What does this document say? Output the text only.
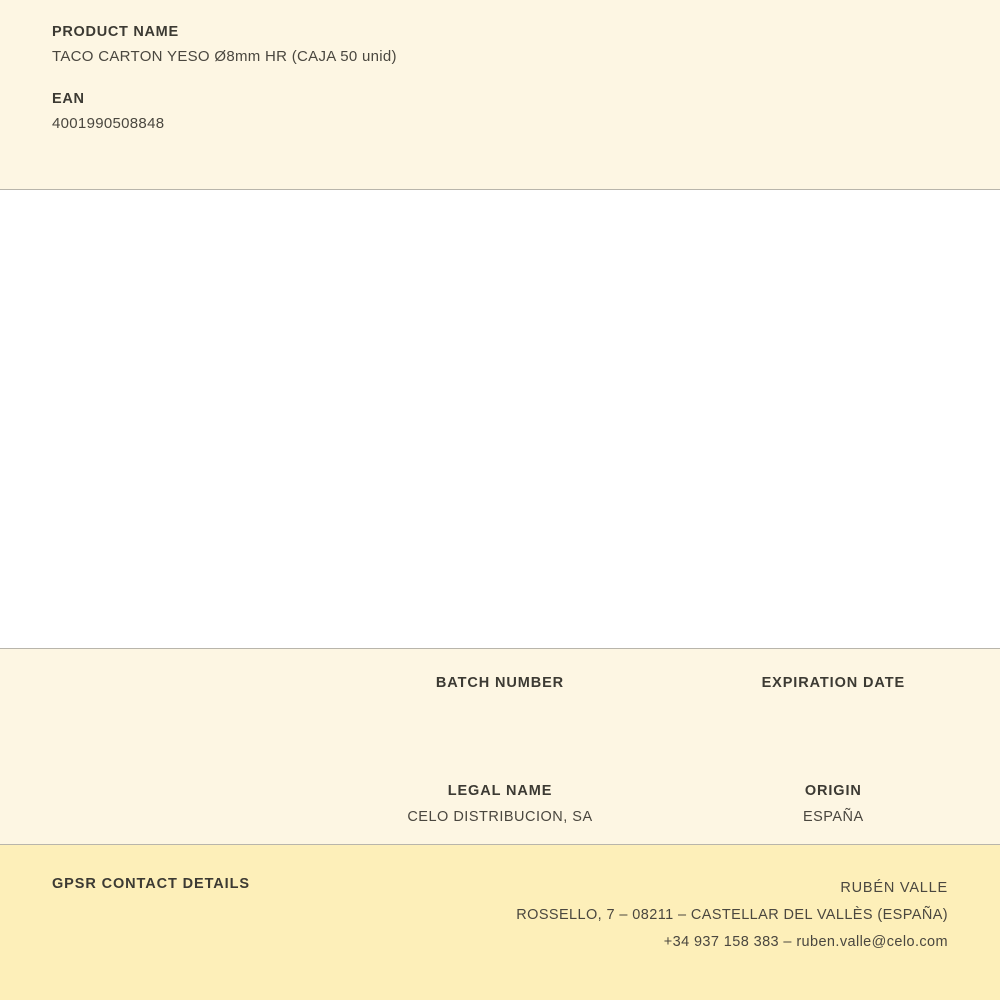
PRODUCT NAME

TACO CARTON YESO Ø8mm HR (CAJA 50 unid)

EAN

4001990508848

BATCH NUMBER	EXPIRATION DATE

LEGAL NAME

CELO DISTRIBUCION, SA

ORIGIN

ESPAÑA

GPSR CONTACT DETAILS	RUBÉN VALLE
ROSSELLO, 7 – 08211 – CASTELLAR DEL VALLÈS (ESPAÑA)
+34 937 158 383 – ruben.valle@celo.com
